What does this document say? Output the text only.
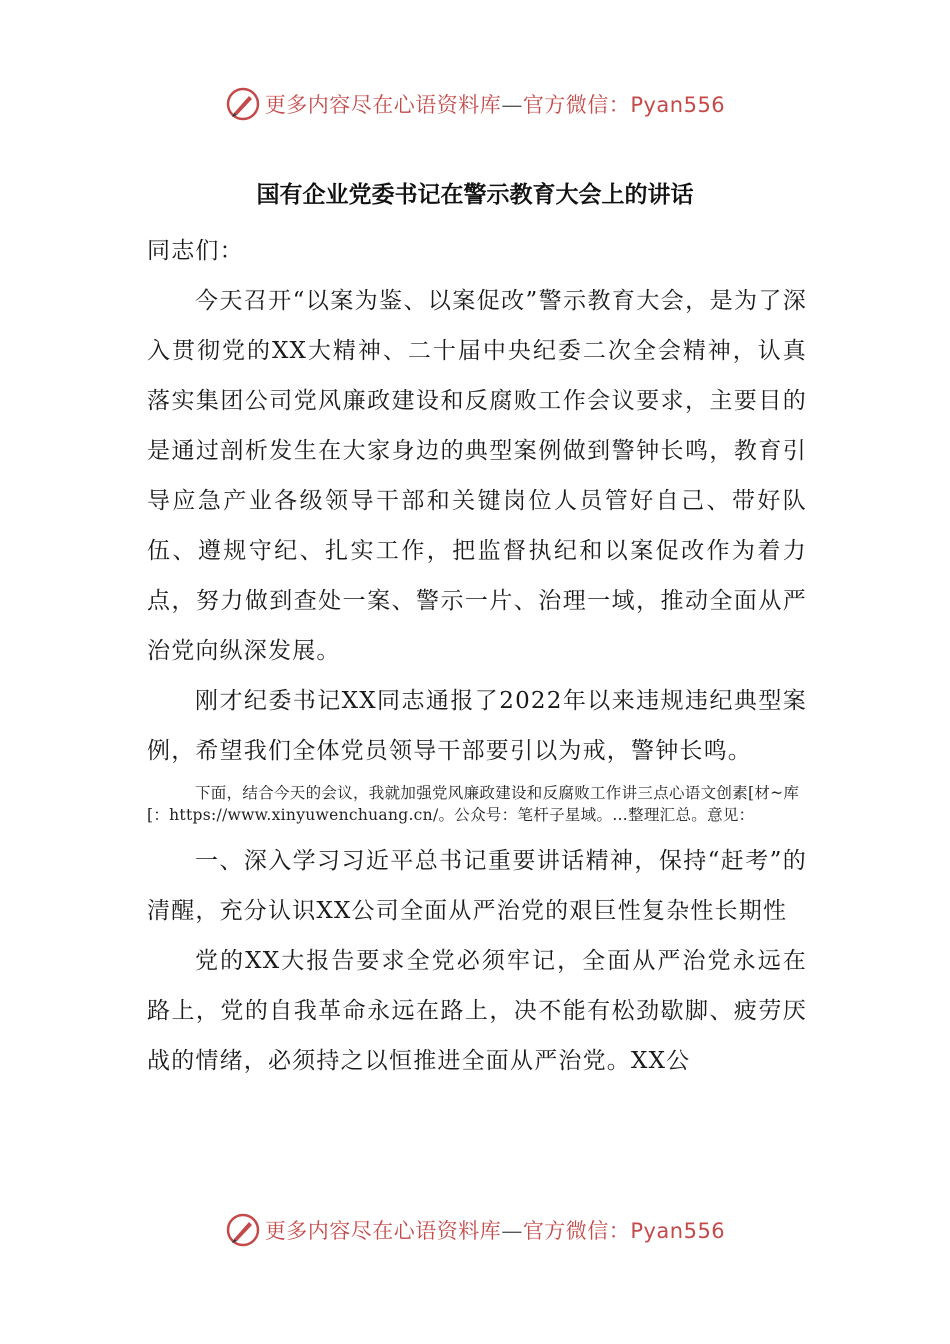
更多内容尽在心语资料库—官方微信：Pyan556
国有企业党委书记在警示教育大会上的讲话

同志们：

今天召开“以案为鉴、以案促改”警示教育大会，是为了深入贯彻党的XX大精神、二十届中央纪委二次全会精神，认真落实集团公司党风廉政建设和反腐败工作会议要求，主要目的是通过剖析发生在大家身边的典型案例做到警钟长鸣，教育引导应急产业各级领导干部和关键岗位人员管好自己、带好队伍、遵规守纪、扎实工作，把监督执纪和以案促改作为着力点，努力做到查处一案、警示一片、治理一域，推动全面从严治党向纵深发展。

刚才纪委书记XX同志通报了2022年以来违规违纪典型案例，希望我们全体党员领导干部要引以为戒，警钟长鸣。

下面，结合今天的会议，我就加强党风廉政建设和反腐败工作讲三点心语文创素[材~库[：https://www.xinyuwenchuang.cn/。公众号：笔杆子星域。…整理汇总。意见：

一、深入学习习近平总书记重要讲话精神，保持“赶考”的清醒，充分认识XX公司全面从严治党的艰巨性复杂性长期性

党的XX大报告要求全党必须牢记，全面从严治党永远在路上，党的自我革命永远在路上，决不能有松劲歇脚、疲劳厌战的情绪，必须持之以恒推进全面从严治党。XX公

更多内容尽在心语资料库—官方微信：Pyan556
